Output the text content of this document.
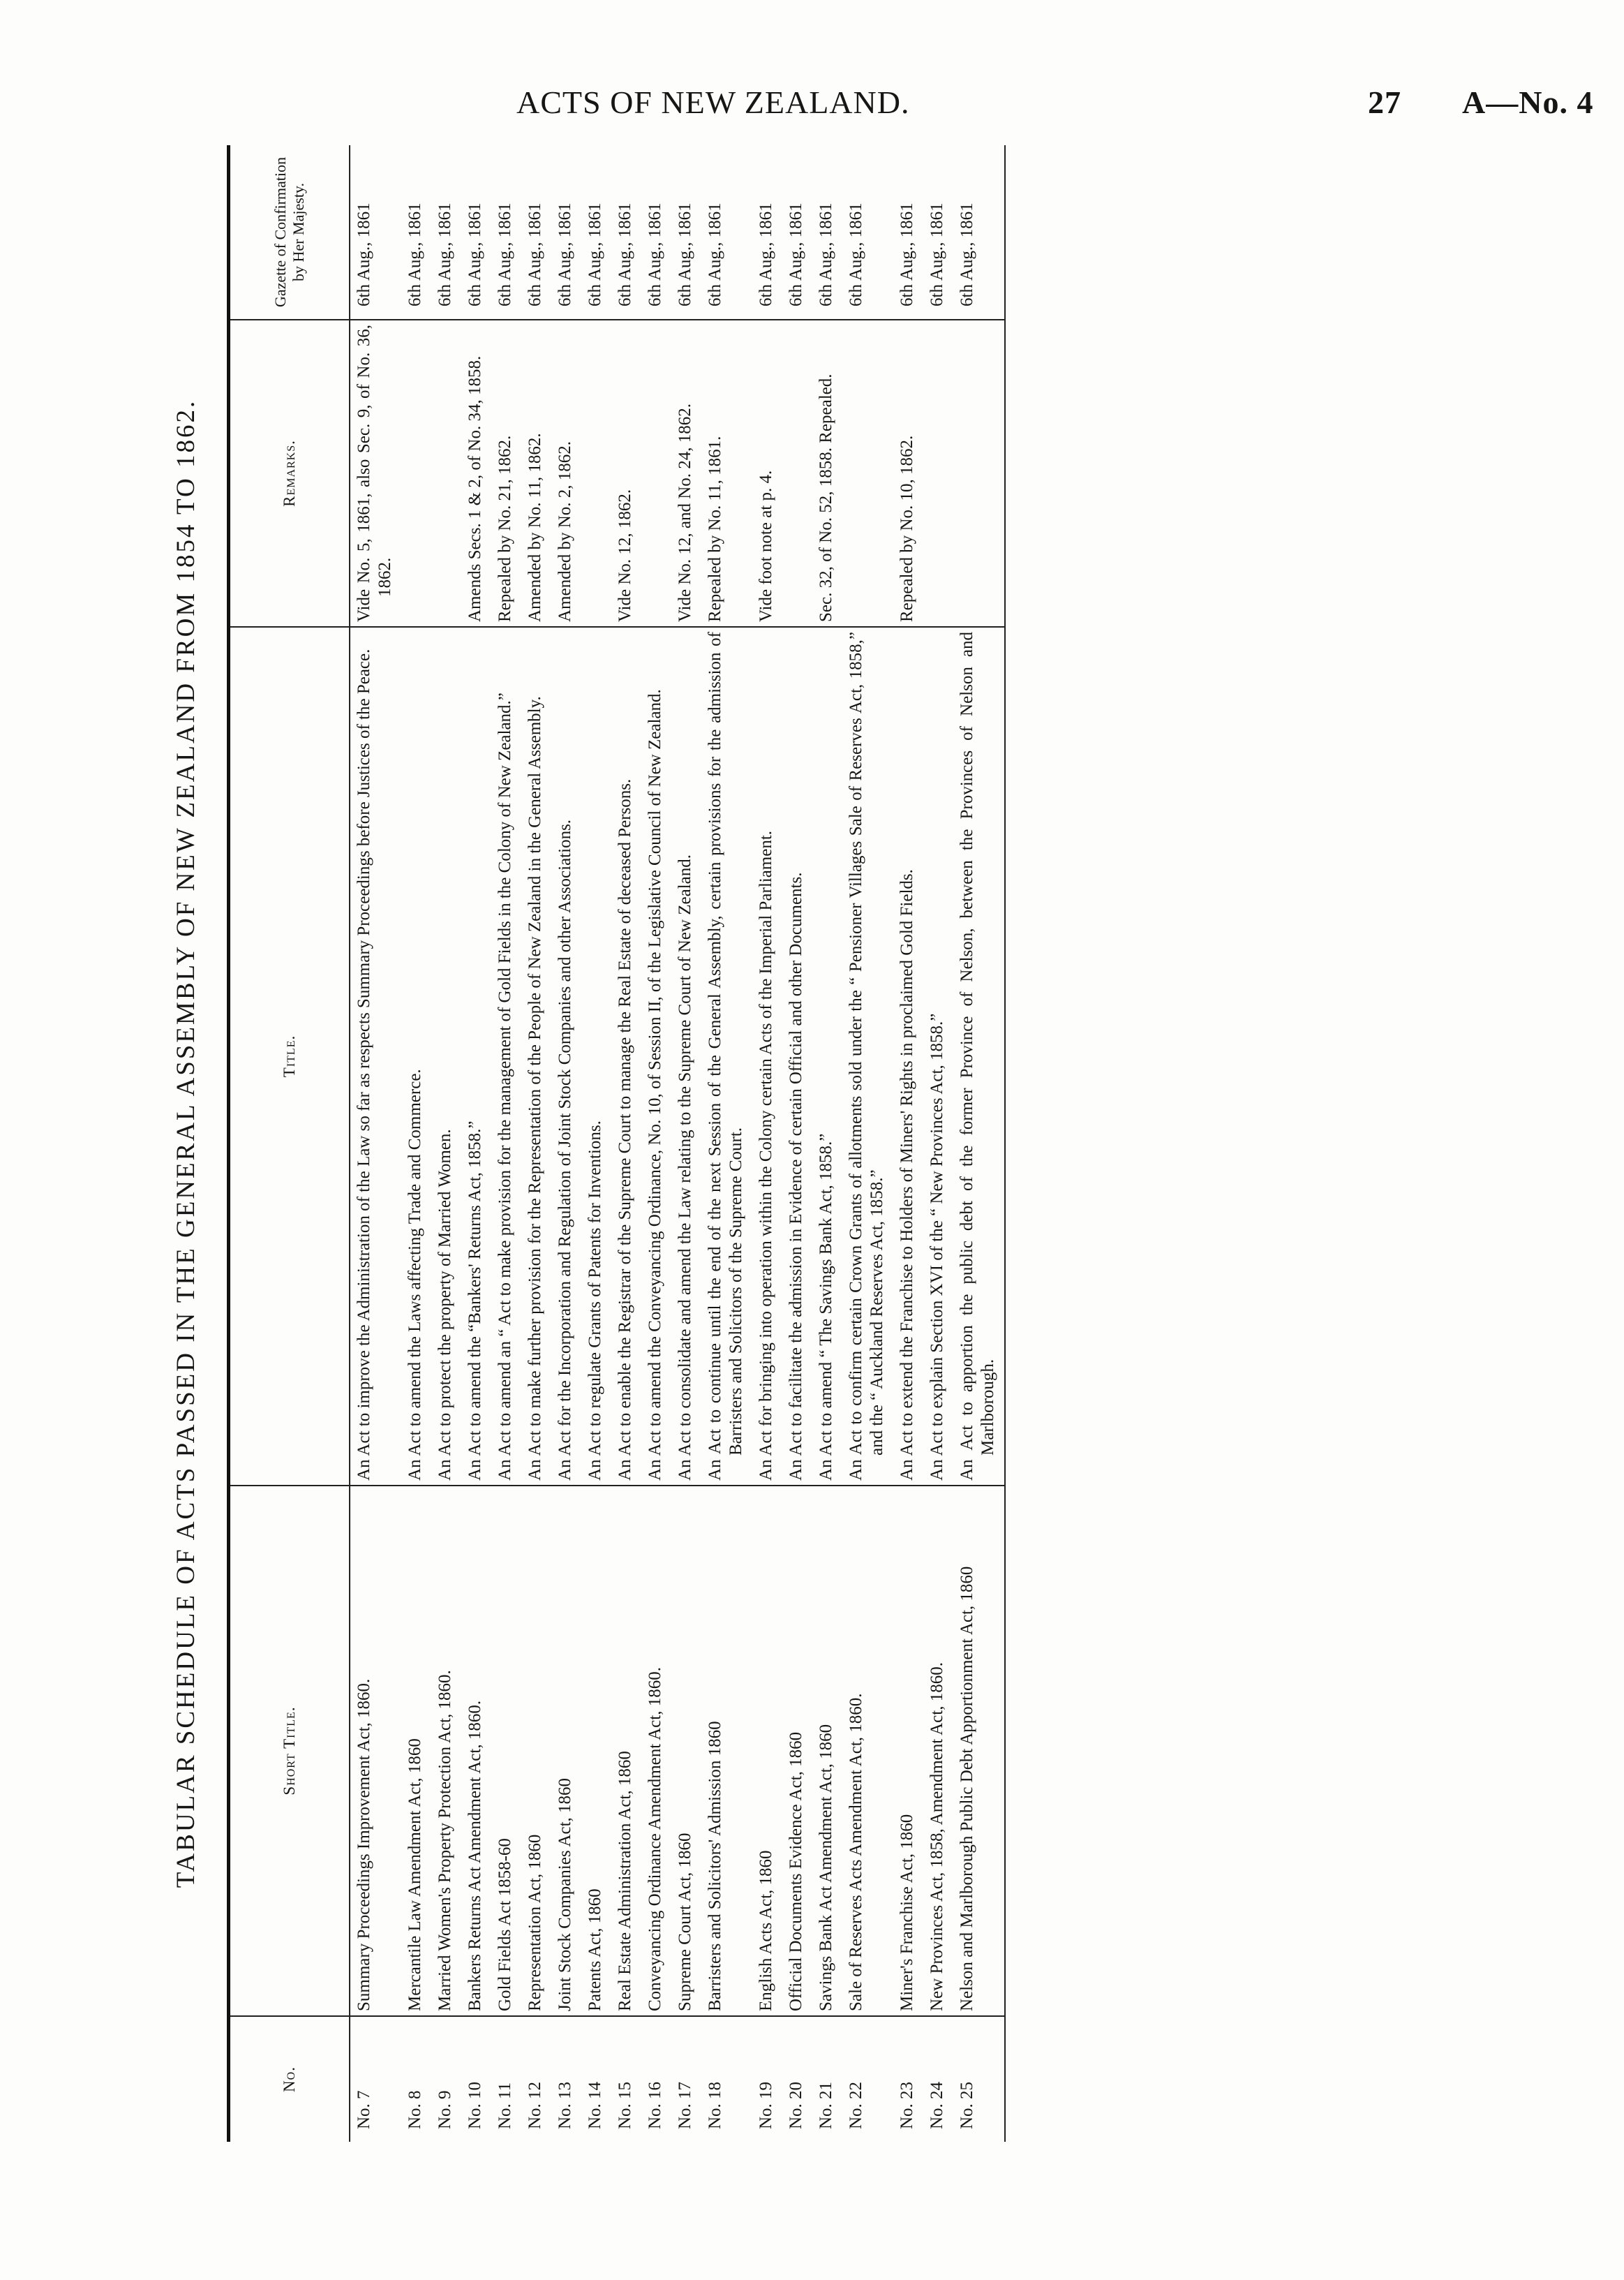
ACTS OF NEW ZEALAND.	27 A—No. 4
TABULAR SCHEDULE OF ACTS PASSED IN THE GENERAL ASSEMBLY OF NEW ZEALAND FROM 1854 TO 1862.
No.	Short Title.	Title.	Remarks.	Gazette of Confirmation by Her Majesty.
No. 7	Summary Proceedings Improvement Act, 1860.	An Act to improve the Administration of the Law so far as respects Summary Proceedings before Justices of the Peace.	Vide No. 5, 1861, also Sec. 9, of No. 36, 1862.	6th Aug., 1861
No. 8	Mercantile Law Amendment Act, 1860	An Act to amend the Laws affecting Trade and Commerce.		6th Aug., 1861
No. 9	Married Women's Property Protection Act, 1860.	An Act to protect the property of Married Women.		6th Aug., 1861
No. 10	Bankers Returns Act Amendment Act, 1860.	An Act to amend the “Bankers' Returns Act, 1858.”	Amends Secs. 1 & 2, of No. 34, 1858.	6th Aug., 1861
No. 11	Gold Fields Act 1858-60	An Act to amend an “ Act to make provision for the management of Gold Fields in the Colony of New Zealand.”	Repealed by No. 21, 1862.	6th Aug., 1861
No. 12	Representation Act, 1860	An Act to make further provision for the Representation of the People of New Zealand in the General Assembly.	Amended by No. 11, 1862.	6th Aug., 1861
No. 13	Joint Stock Companies Act, 1860	An Act for the Incorporation and Regulation of Joint Stock Companies and other Associations.	Amended by No. 2, 1862.	6th Aug., 1861
No. 14	Patents Act, 1860	An Act to regulate Grants of Patents for Inventions.		6th Aug., 1861
No. 15	Real Estate Administration Act, 1860	An Act to enable the Registrar of the Supreme Court to manage the Real Estate of deceased Persons.	Vide No. 12, 1862.	6th Aug., 1861
No. 16	Conveyancing Ordinance Amendment Act, 1860.	An Act to amend the Conveyancing Ordinance, No. 10, of Session II, of the Legislative Council of New Zealand.		6th Aug., 1861
No. 17	Supreme Court Act, 1860	An Act to consolidate and amend the Law relating to the Supreme Court of New Zealand.	Vide No. 12, and No. 24, 1862.	6th Aug., 1861
No. 18	Barristers and Solicitors' Admission 1860	An Act to continue until the end of the next Session of the General Assembly, certain provisions for the admission of Barristers and Solicitors of the Supreme Court.	Repealed by No. 11, 1861.	6th Aug., 1861
No. 19	English Acts Act, 1860	An Act for bringing into operation within the Colony certain Acts of the Imperial Parliament.	Vide foot note at p. 4.	6th Aug., 1861
No. 20	Official Documents Evidence Act, 1860	An Act to facilitate the admission in Evidence of certain Official and other Documents.		6th Aug., 1861
No. 21	Savings Bank Act Amendment Act, 1860	An Act to amend “ The Savings Bank Act, 1858.”	Sec. 32, of No. 52, 1858. Repealed.	6th Aug., 1861
No. 22	Sale of Reserves Acts Amendment Act, 1860.	An Act to confirm certain Crown Grants of allotments sold under the “ Pensioner Villages Sale of Reserves Act, 1858,” and the “ Auckland Reserves Act, 1858.”		6th Aug., 1861
No. 23	Miner's Franchise Act, 1860	An Act to extend the Franchise to Holders of Miners' Rights in proclaimed Gold Fields.	Repealed by No. 10, 1862.	6th Aug., 1861
No. 24	New Provinces Act, 1858, Amendment Act, 1860.	An Act to explain Section XVI of the “ New Provinces Act, 1858.”		6th Aug., 1861
No. 25	Nelson and Marlborough Public Debt Apportionment Act, 1860	An Act to apportion the public debt of the former Province of Nelson, between the Provinces of Nelson and Marlborough.		6th Aug., 1861
